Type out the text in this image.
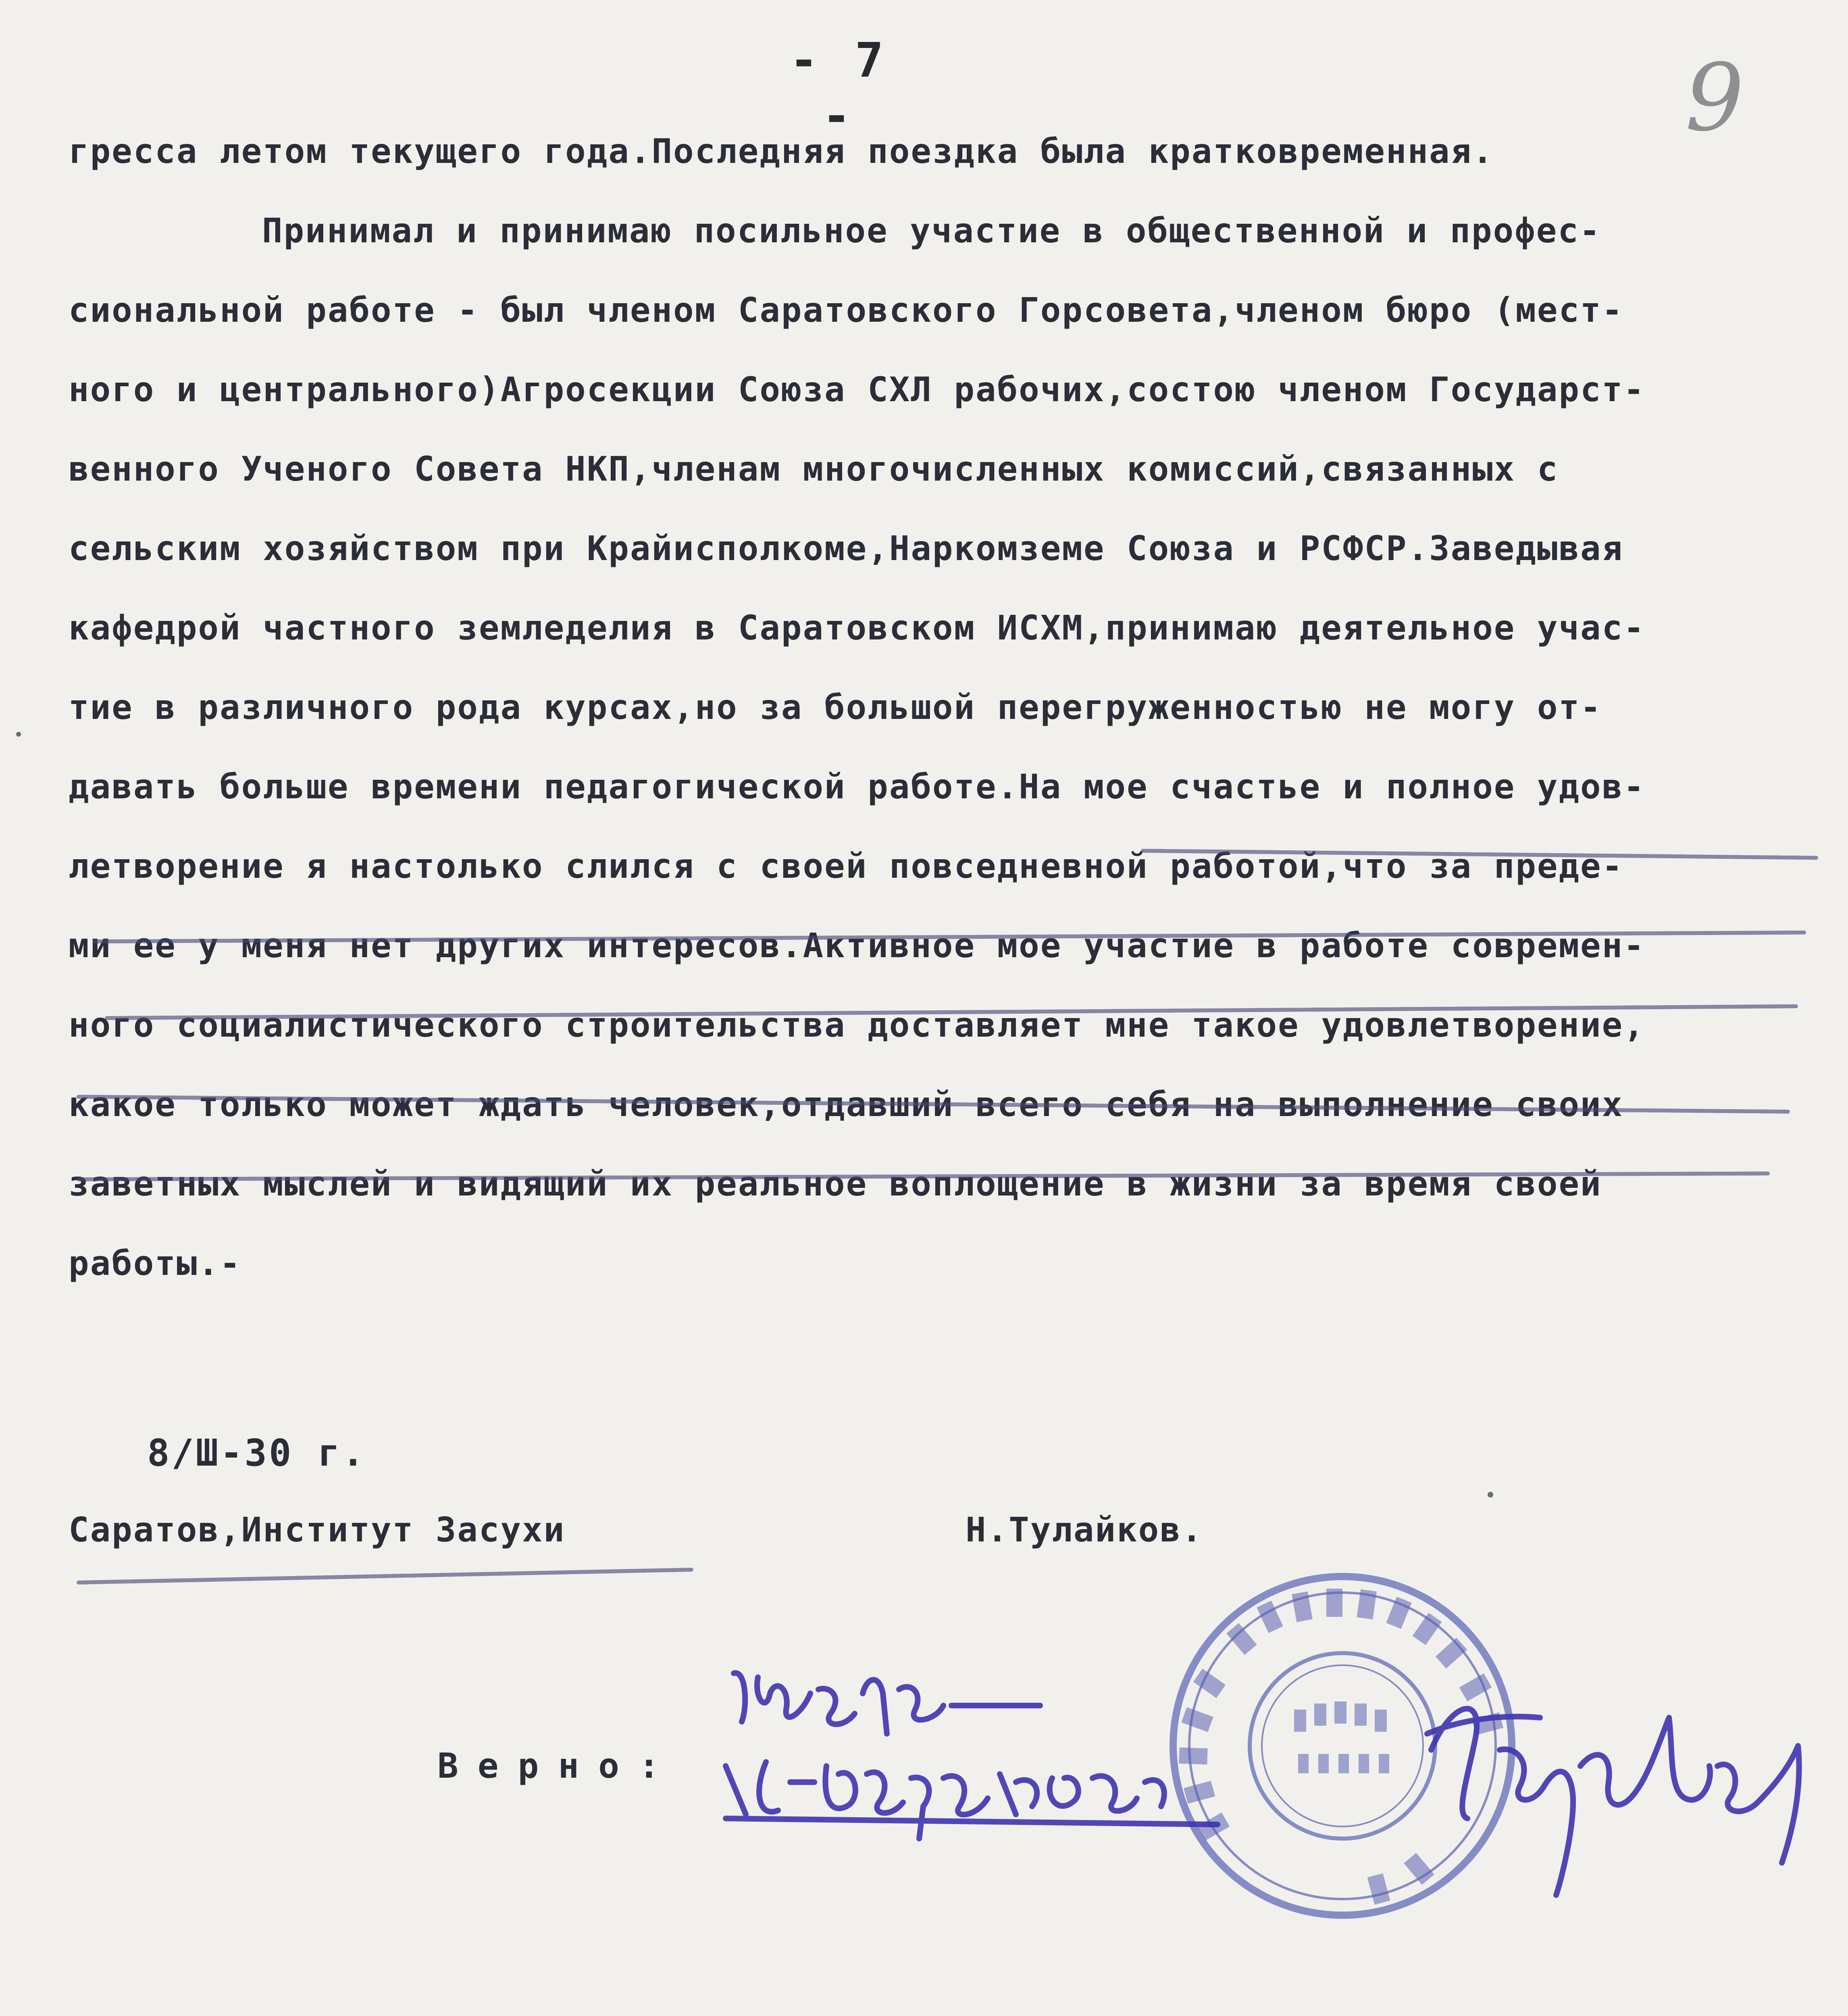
- 7 -	9
гресса летом текущего года.Последняя поездка была кратковременная.
Принимал и принимаю посильное участие в общественной и профес-
сиональной работе - был членом Саратовского Горсовета,членом бюро (мест-
ного и центрального)Агросекции Союза СХЛ рабочих,состою членом Государст-
венного Ученого Совета НКП,членам многочисленных комиссий,связанных с
сельским хозяйством при Крайисполкоме,Наркомземе Союза и РСФСР.Заведывая
кафедрой частного земледелия в Саратовском ИСХМ,принимаю деятельное учас-
тие в различного рода курсах,но за большой перегруженностью не могу от-
давать больше времени педагогической работе.На мое счастье и полное удов-
летворение я настолько слился с своей повседневной работой,что за преде-
ми ее у меня нет других интересов.Активное мое участие в работе современ-
ного социалистического строительства доставляет мне такое удовлетворение,
какое только может ждать человек,отдавший всего себя на выполнение своих
заветных мыслей и видящий их реальное воплощение в жизни за время своей
работы.-
8/Ш-30 г.
Саратов,Институт Засухи	Н.Тулайков.
Верно:
